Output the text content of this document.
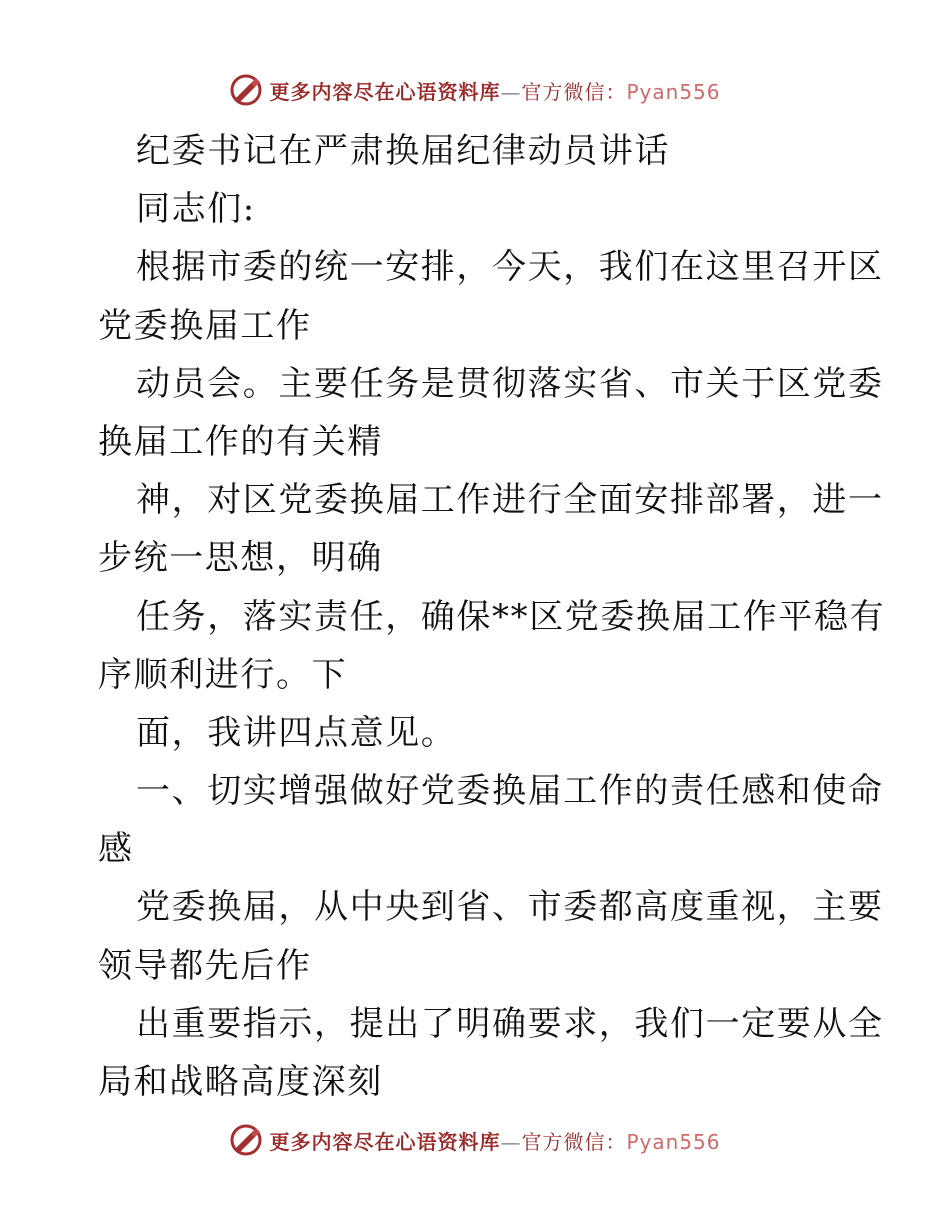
更多内容尽在心语资料库—官方微信：Pyan556
纪委书记在严肃换届纪律动员讲话
同志们:
根据市委的统一安排，今天，我们在这里召开区
党委换届工作
动员会。主要任务是贯彻落实省、市关于区党委
换届工作的有关精
神，对区党委换届工作进行全面安排部署，进一
步统一思想，明确
任务，落实责任，确保**区党委换届工作平稳有
序顺利进行。下
面，我讲四点意见。
一、切实增强做好党委换届工作的责任感和使命
感
党委换届，从中央到省、市委都高度重视，主要
领导都先后作
出重要指示，提出了明确要求，我们一定要从全
局和战略高度深刻
更多内容尽在心语资料库—官方微信：Pyan556
